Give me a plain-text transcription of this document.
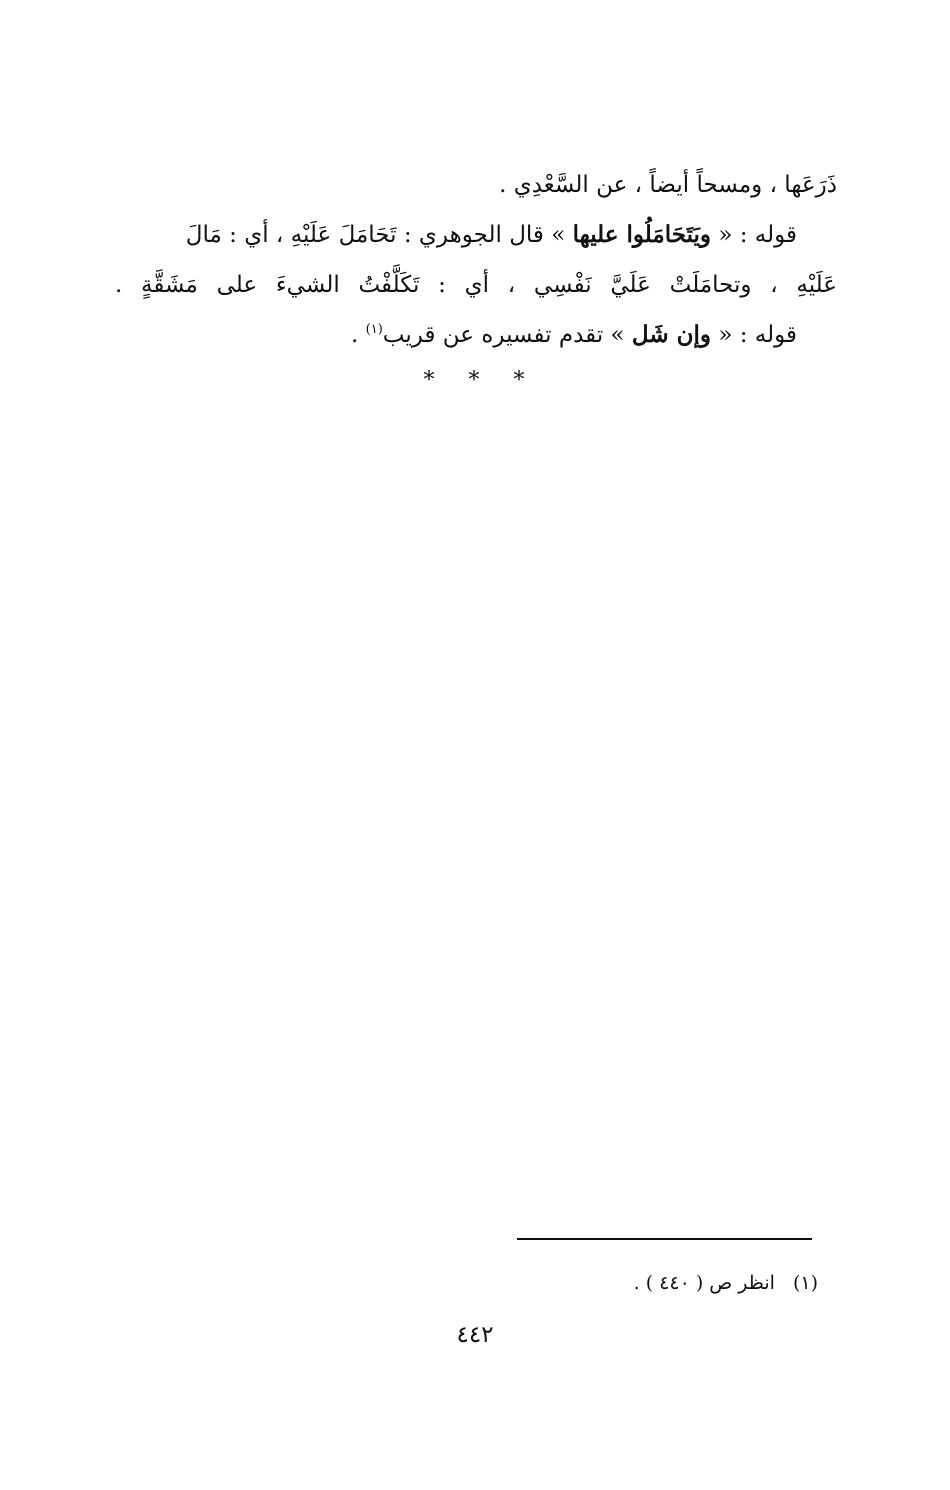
ذَرَعَها ، ومسحاً أيضاً ، عن السَّعْدِي .
قوله : « ويَتَحَامَلُوا عليها » قال الجوهري : تَحَامَلَ عَلَيْهِ ، أي : مَالَ
عَلَيْهِ ، وتحامَلَتْ عَلَيَّ نَفْسِي ، أي : تَكَلَّفْتُ الشيءَ على مَشَقَّةٍ .
قوله : « وإن شَل » تقدم تفسيره عن قريب$^{(١)}$ .
* * *
(١)انظر ص ( ٤٤٠ ) .
٤٤٢
